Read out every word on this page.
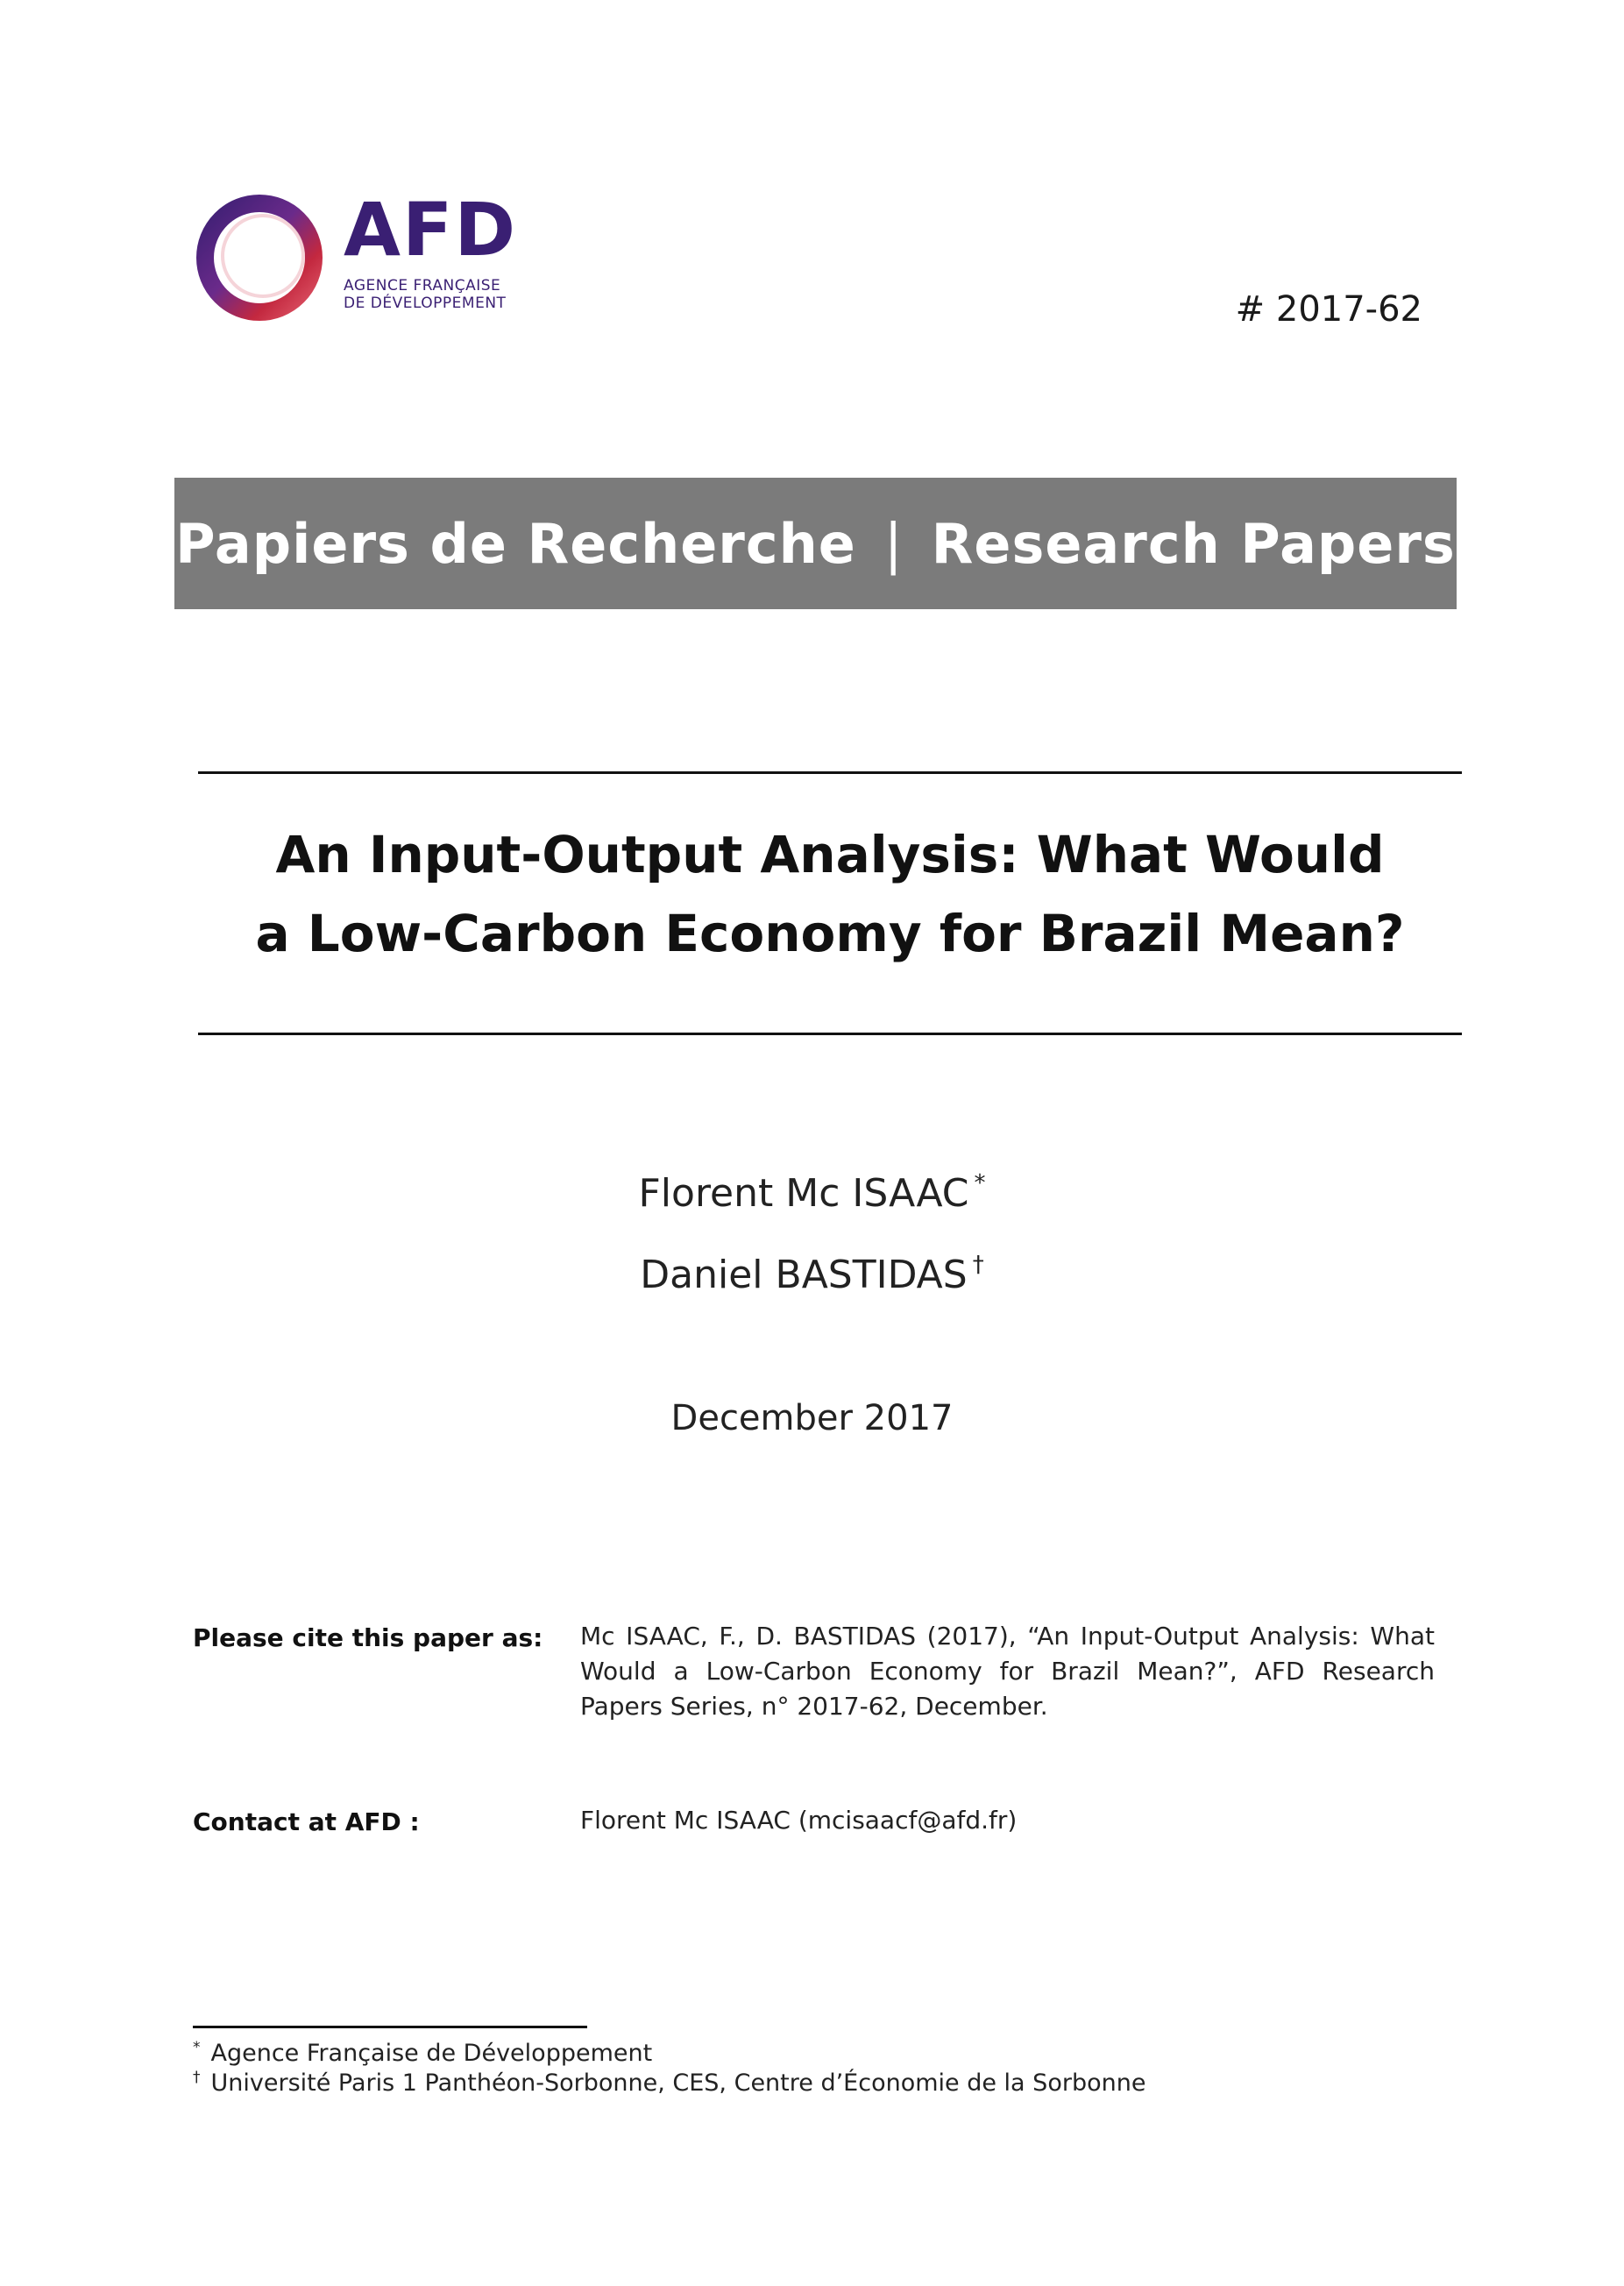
AFD
AGENCE FRANÇAISE
DE DÉVELOPPEMENT	# 2017-62
Papiers de Recherche | Research Papers
An Input-Output Analysis: What Would
a Low-Carbon Economy for Brazil Mean?
Florent Mc ISAAC *
Daniel BASTIDAS †
December 2017
Please cite this paper as: Mc ISAAC, F., D. BASTIDAS (2017), “An Input-Output Analysis: What Would a Low-Carbon Economy for Brazil Mean?”, AFD Research Papers Series, n° 2017-62, December.
Contact at AFD :	Florent Mc ISAAC (mcisaacf@afd.fr)
* Agence Française de Développement
† Université Paris 1 Panthéon-Sorbonne, CES, Centre d’Économie de la Sorbonne
